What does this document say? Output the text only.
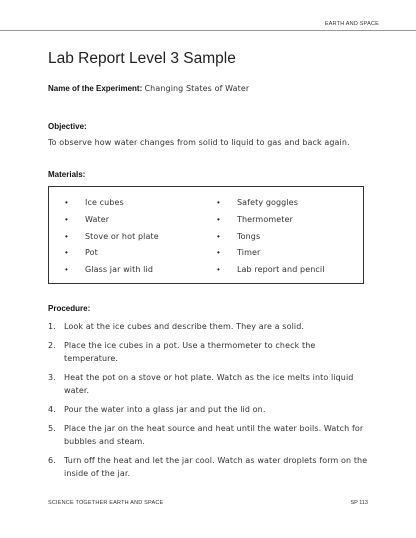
EARTH AND SPACE
Lab Report Level 3 Sample
Name of the Experiment: Changing States of Water
Objective:
To observe how water changes from solid to liquid to gas and back again.
Materials:
•	Ice cubes
•	Water
•	Stove or hot plate
•	Pot
•	Glass jar with lid
•	Safety goggles
•	Thermometer
•	Tongs
•	Timer
•	Lab report and pencil
Procedure:
1.	Look at the ice cubes and describe them. They are a solid.
2.	Place the ice cubes in a pot. Use a thermometer to check the temperature.
3.	Heat the pot on a stove or hot plate. Watch as the ice melts into liquid water.
4.	Pour the water into a glass jar and put the lid on.
5.	Place the jar on the heat source and heat until the water boils. Watch for bubbles and steam.
6.	Turn off the heat and let the jar cool. Watch as water droplets form on the inside of the jar.
SCIENCE TOGETHER EARTH AND SPACE	SP 113
